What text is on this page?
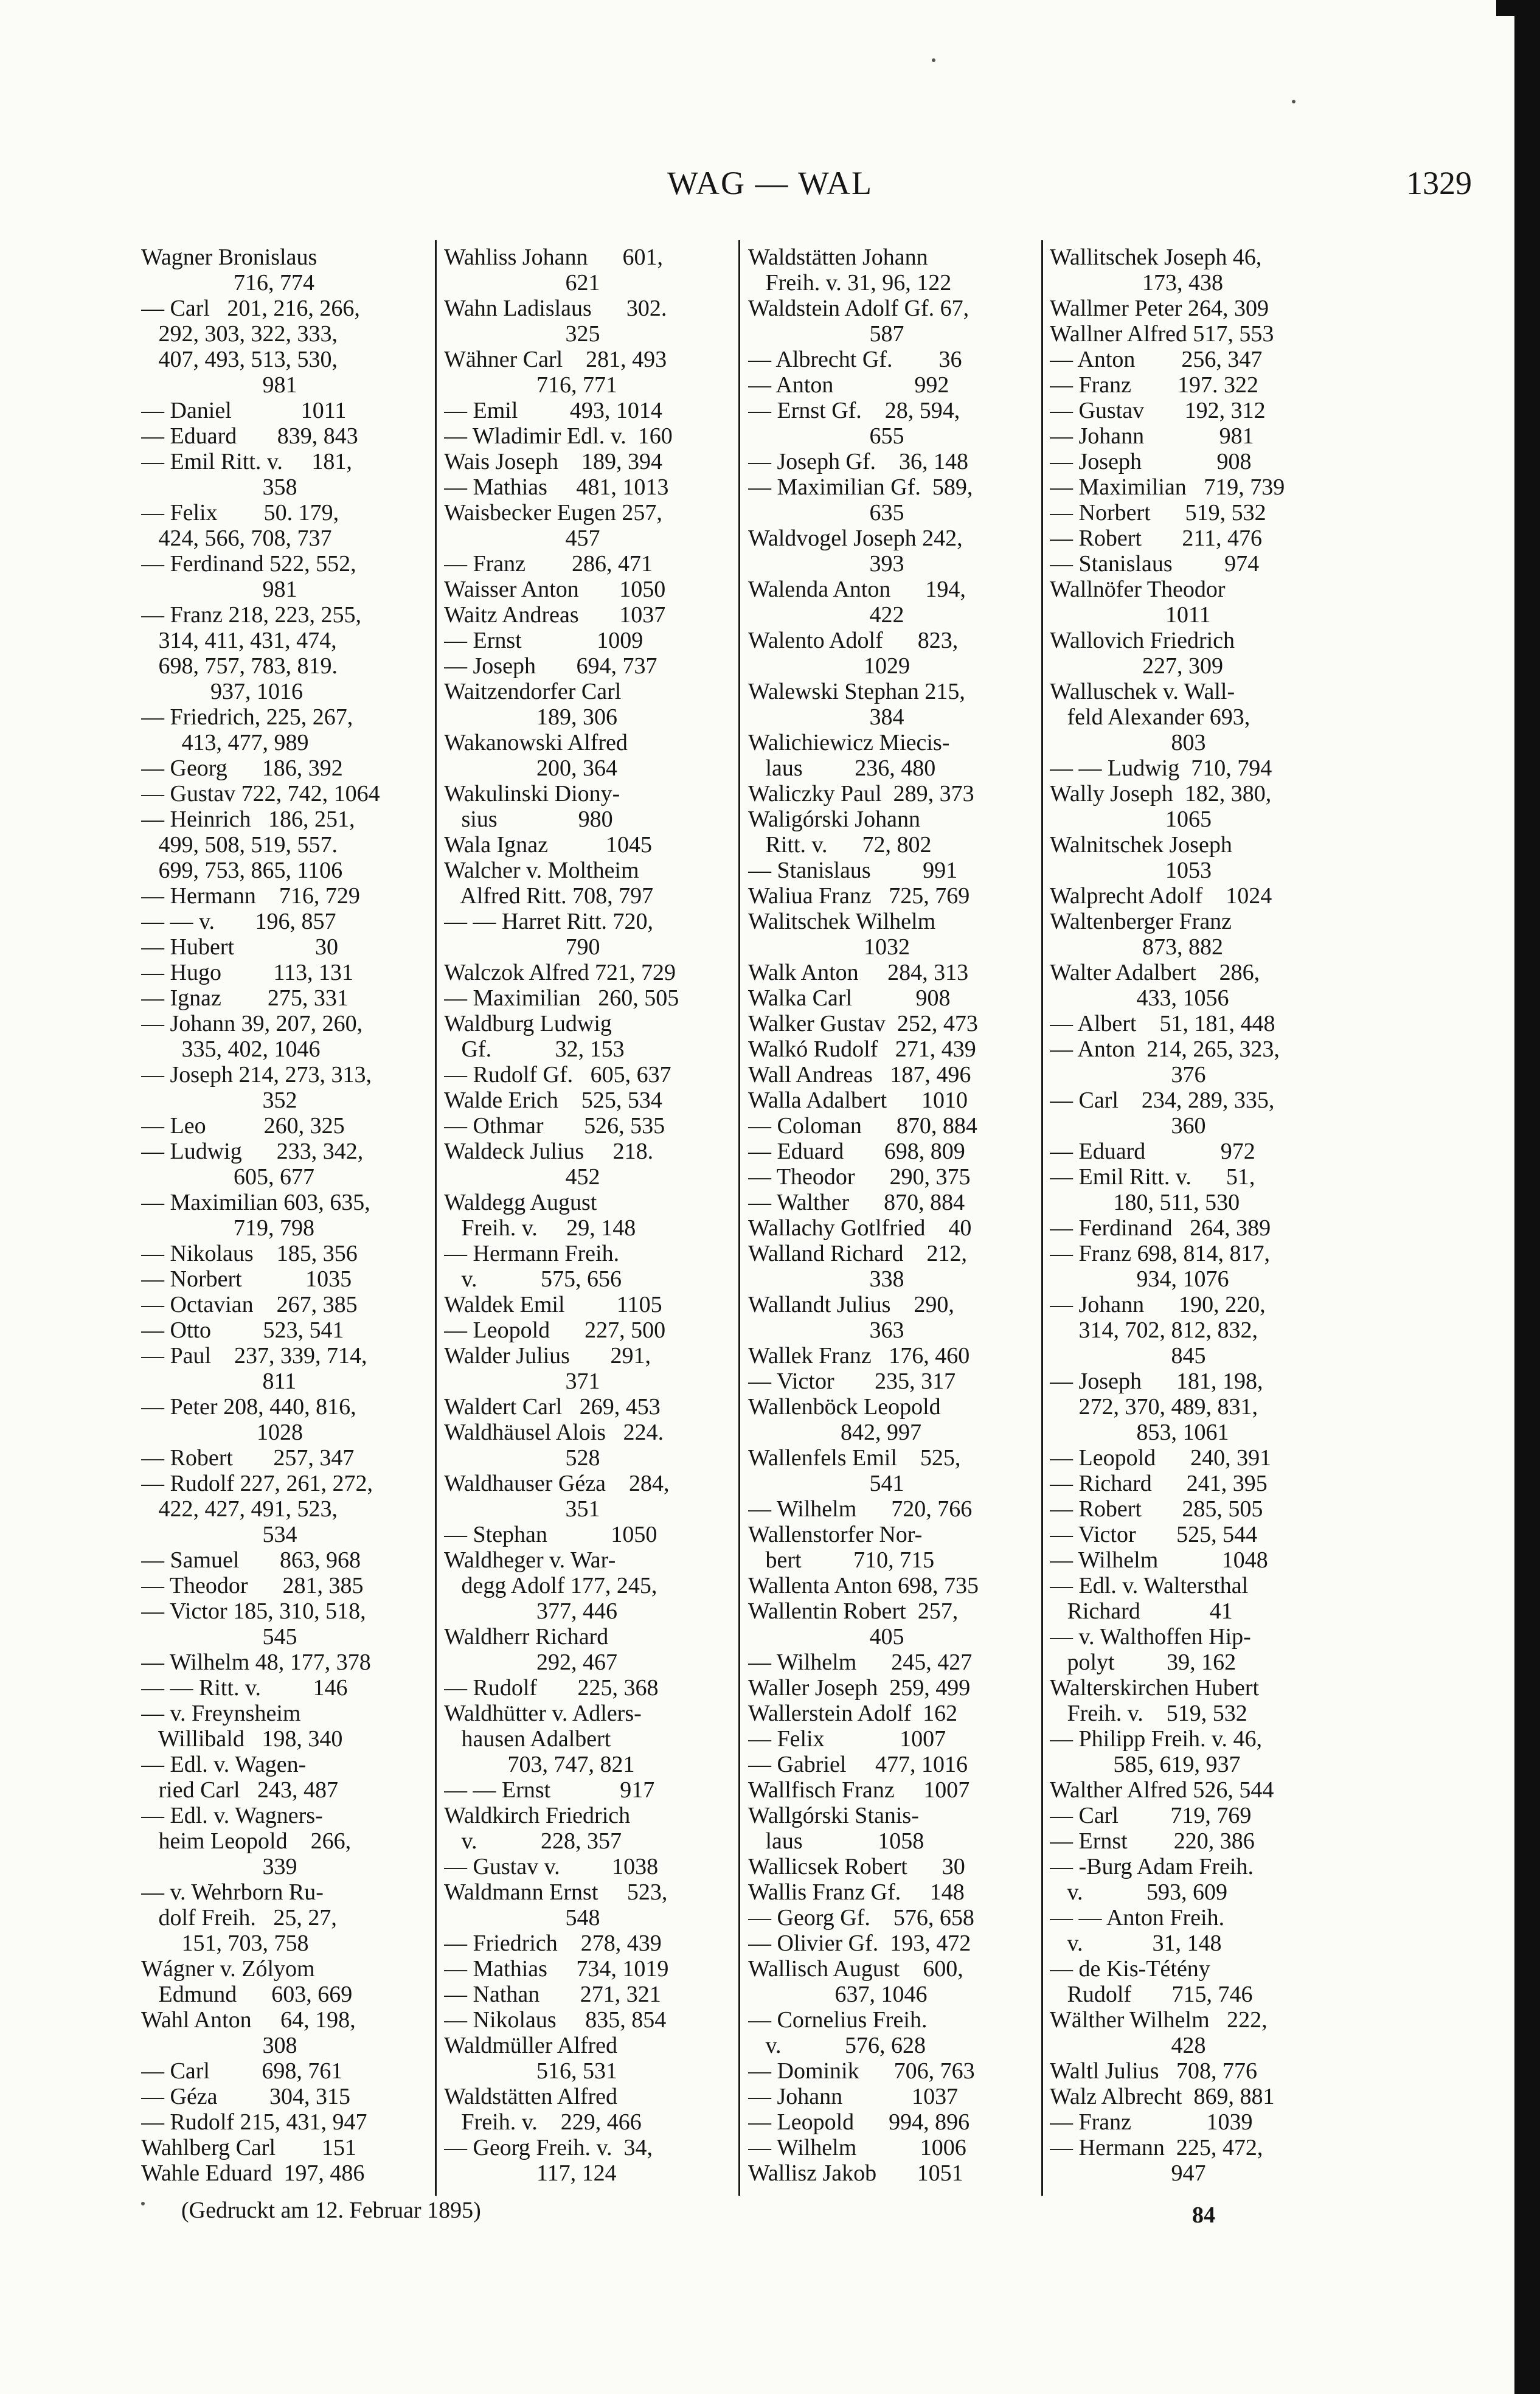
WAG — WAL	1329
Wagner Bronislaus
716, 774
— Carl   201, 216, 266,
292, 303, 322, 333,
407, 493, 513, 530,
981
— Daniel            1011
— Eduard       839, 843
— Emil Ritt. v.     181,
358
— Felix        50. 179,
424, 566, 708, 737
— Ferdinand 522, 552,
981
— Franz 218, 223, 255,
314, 411, 431, 474,
698, 757, 783, 819.
937, 1016
— Friedrich, 225, 267,
413, 477, 989
— Georg      186, 392
— Gustav 722, 742, 1064
— Heinrich   186, 251,
499, 508, 519, 557.
699, 753, 865, 1106
— Hermann    716, 729
— — v.       196, 857
— Hubert              30
— Hugo         113, 131
— Ignaz        275, 331
— Johann 39, 207, 260,
335, 402, 1046
— Joseph 214, 273, 313,
352
— Leo          260, 325
— Ludwig      233, 342,
605, 677
— Maximilian 603, 635,
719, 798
— Nikolaus    185, 356
— Norbert           1035
— Octavian    267, 385
— Otto         523, 541
— Paul    237, 339, 714,
811
— Peter 208, 440, 816,
1028
— Robert       257, 347
— Rudolf 227, 261, 272,
422, 427, 491, 523,
534
— Samuel       863, 968
— Theodor      281, 385
— Victor 185, 310, 518,
545
— Wilhelm 48, 177, 378
— — Ritt. v.         146
— v. Freynsheim
Willibald   198, 340
— Edl. v. Wagen-
ried Carl   243, 487
— Edl. v. Wagners-
heim Leopold    266,
339
— v. Wehrborn Ru-
dolf Freih.   25, 27,
151, 703, 758
Wágner v. Zólyom
Edmund      603, 669
Wahl Anton     64, 198,
308
— Carl         698, 761
— Géza         304, 315
— Rudolf 215, 431, 947
Wahlberg Carl        151
Wahle Eduard  197, 486
Wahliss Johann      601,
621
Wahn Ladislaus      302.
325
Wähner Carl    281, 493
716, 771
— Emil         493, 1014
— Wladimir Edl. v.  160
Wais Joseph    189, 394
— Mathias     481, 1013
Waisbecker Eugen 257,
457
— Franz        286, 471
Waisser Anton       1050
Waitz Andreas       1037
— Ernst             1009
— Joseph       694, 737
Waitzendorfer Carl
189, 306
Wakanowski Alfred
200, 364
Wakulinski Diony-
sius              980
Wala Ignaz          1045
Walcher v. Moltheim
Alfred Ritt. 708, 797
— — Harret Ritt. 720,
790
Walczok Alfred 721, 729
— Maximilian   260, 505
Waldburg Ludwig
Gf.           32, 153
— Rudolf Gf.   605, 637
Walde Erich    525, 534
— Othmar       526, 535
Waldeck Julius     218.
452
Waldegg August
Freih. v.     29, 148
— Hermann Freih.
v.           575, 656
Waldek Emil         1105
— Leopold      227, 500
Walder Julius       291,
371
Waldert Carl   269, 453
Waldhäusel Alois   224.
528
Waldhauser Géza    284,
351
— Stephan           1050
Waldheger v. War-
degg Adolf 177, 245,
377, 446
Waldherr Richard
292, 467
— Rudolf       225, 368
Waldhütter v. Adlers-
hausen Adalbert
703, 747, 821
— — Ernst            917
Waldkirch Friedrich
v.           228, 357
— Gustav v.         1038
Waldmann Ernst     523,
548
— Friedrich    278, 439
— Mathias     734, 1019
— Nathan       271, 321
— Nikolaus     835, 854
Waldmüller Alfred
516, 531
Waldstätten Alfred
Freih. v.    229, 466
— Georg Freih. v.  34,
117, 124
Waldstätten Johann
Freih. v. 31, 96, 122
Waldstein Adolf Gf. 67,
587
— Albrecht Gf.        36
— Anton              992
— Ernst Gf.    28, 594,
655
— Joseph Gf.    36, 148
— Maximilian Gf.  589,
635
Waldvogel Joseph 242,
393
Walenda Anton      194,
422
Walento Adolf      823,
1029
Walewski Stephan 215,
384
Walichiewicz Miecis-
laus         236, 480
Waliczky Paul  289, 373
Waligórski Johann
Ritt. v.      72, 802
— Stanislaus         991
Waliua Franz   725, 769
Walitschek Wilhelm
1032
Walk Anton     284, 313
Walka Carl           908
Walker Gustav  252, 473
Walkó Rudolf   271, 439
Wall Andreas   187, 496
Walla Adalbert      1010
— Coloman      870, 884
— Eduard       698, 809
— Theodor      290, 375
— Walther      870, 884
Wallachy Gotlfried    40
Walland Richard    212,
338
Wallandt Julius    290,
363
Wallek Franz   176, 460
— Victor       235, 317
Wallenböck Leopold
842, 997
Wallenfels Emil    525,
541
— Wilhelm      720, 766
Wallenstorfer Nor-
bert         710, 715
Wallenta Anton 698, 735
Wallentin Robert  257,
405
— Wilhelm      245, 427
Waller Joseph  259, 499
Wallerstein Adolf  162
— Felix             1007
— Gabriel     477, 1016
Wallfisch Franz     1007
Wallgórski Stanis-
laus             1058
Wallicsek Robert      30
Wallis Franz Gf.     148
— Georg Gf.    576, 658
— Olivier Gf.  193, 472
Wallisch August    600,
637, 1046
— Cornelius Freih.
v.           576, 628
— Dominik      706, 763
— Johann            1037
— Leopold      994, 896
— Wilhelm           1006
Wallisz Jakob       1051
Wallitschek Joseph 46,
173, 438
Wallmer Peter 264, 309
Wallner Alfred 517, 553
— Anton        256, 347
— Franz        197. 322
— Gustav       192, 312
— Johann             981
— Joseph             908
— Maximilian   719, 739
— Norbert      519, 532
— Robert       211, 476
— Stanislaus         974
Wallnöfer Theodor
1011
Wallovich Friedrich
227, 309
Walluschek v. Wall-
feld Alexander 693,
803
— — Ludwig  710, 794
Wally Joseph  182, 380,
1065
Walnitschek Joseph
1053
Walprecht Adolf    1024
Waltenberger Franz
873, 882
Walter Adalbert    286,
433, 1056
— Albert    51, 181, 448
— Anton  214, 265, 323,
376
— Carl    234, 289, 335,
360
— Eduard             972
— Emil Ritt. v.      51,
180, 511, 530
— Ferdinand   264, 389
— Franz 698, 814, 817,
934, 1076
— Johann      190, 220,
314, 702, 812, 832,
845
— Joseph      181, 198,
272, 370, 489, 831,
853, 1061
— Leopold      240, 391
— Richard      241, 395
— Robert       285, 505
— Victor       525, 544
— Wilhelm           1048
— Edl. v. Waltersthal
Richard            41
— v. Walthoffen Hip-
polyt         39, 162
Walterskirchen Hubert
Freih. v.    519, 532
— Philipp Freih. v. 46,
585, 619, 937
Walther Alfred 526, 544
— Carl         719, 769
— Ernst        220, 386
— -Burg Adam Freih.
v.           593, 609
— — Anton Freih.
v.            31, 148
— de Kis-Tétény
Rudolf       715, 746
Wälther Wilhelm   222,
428
Waltl Julius   708, 776
Walz Albrecht  869, 881
— Franz             1039
— Hermann  225, 472,
947
(Gedruckt am 12. Februar 1895)	84
